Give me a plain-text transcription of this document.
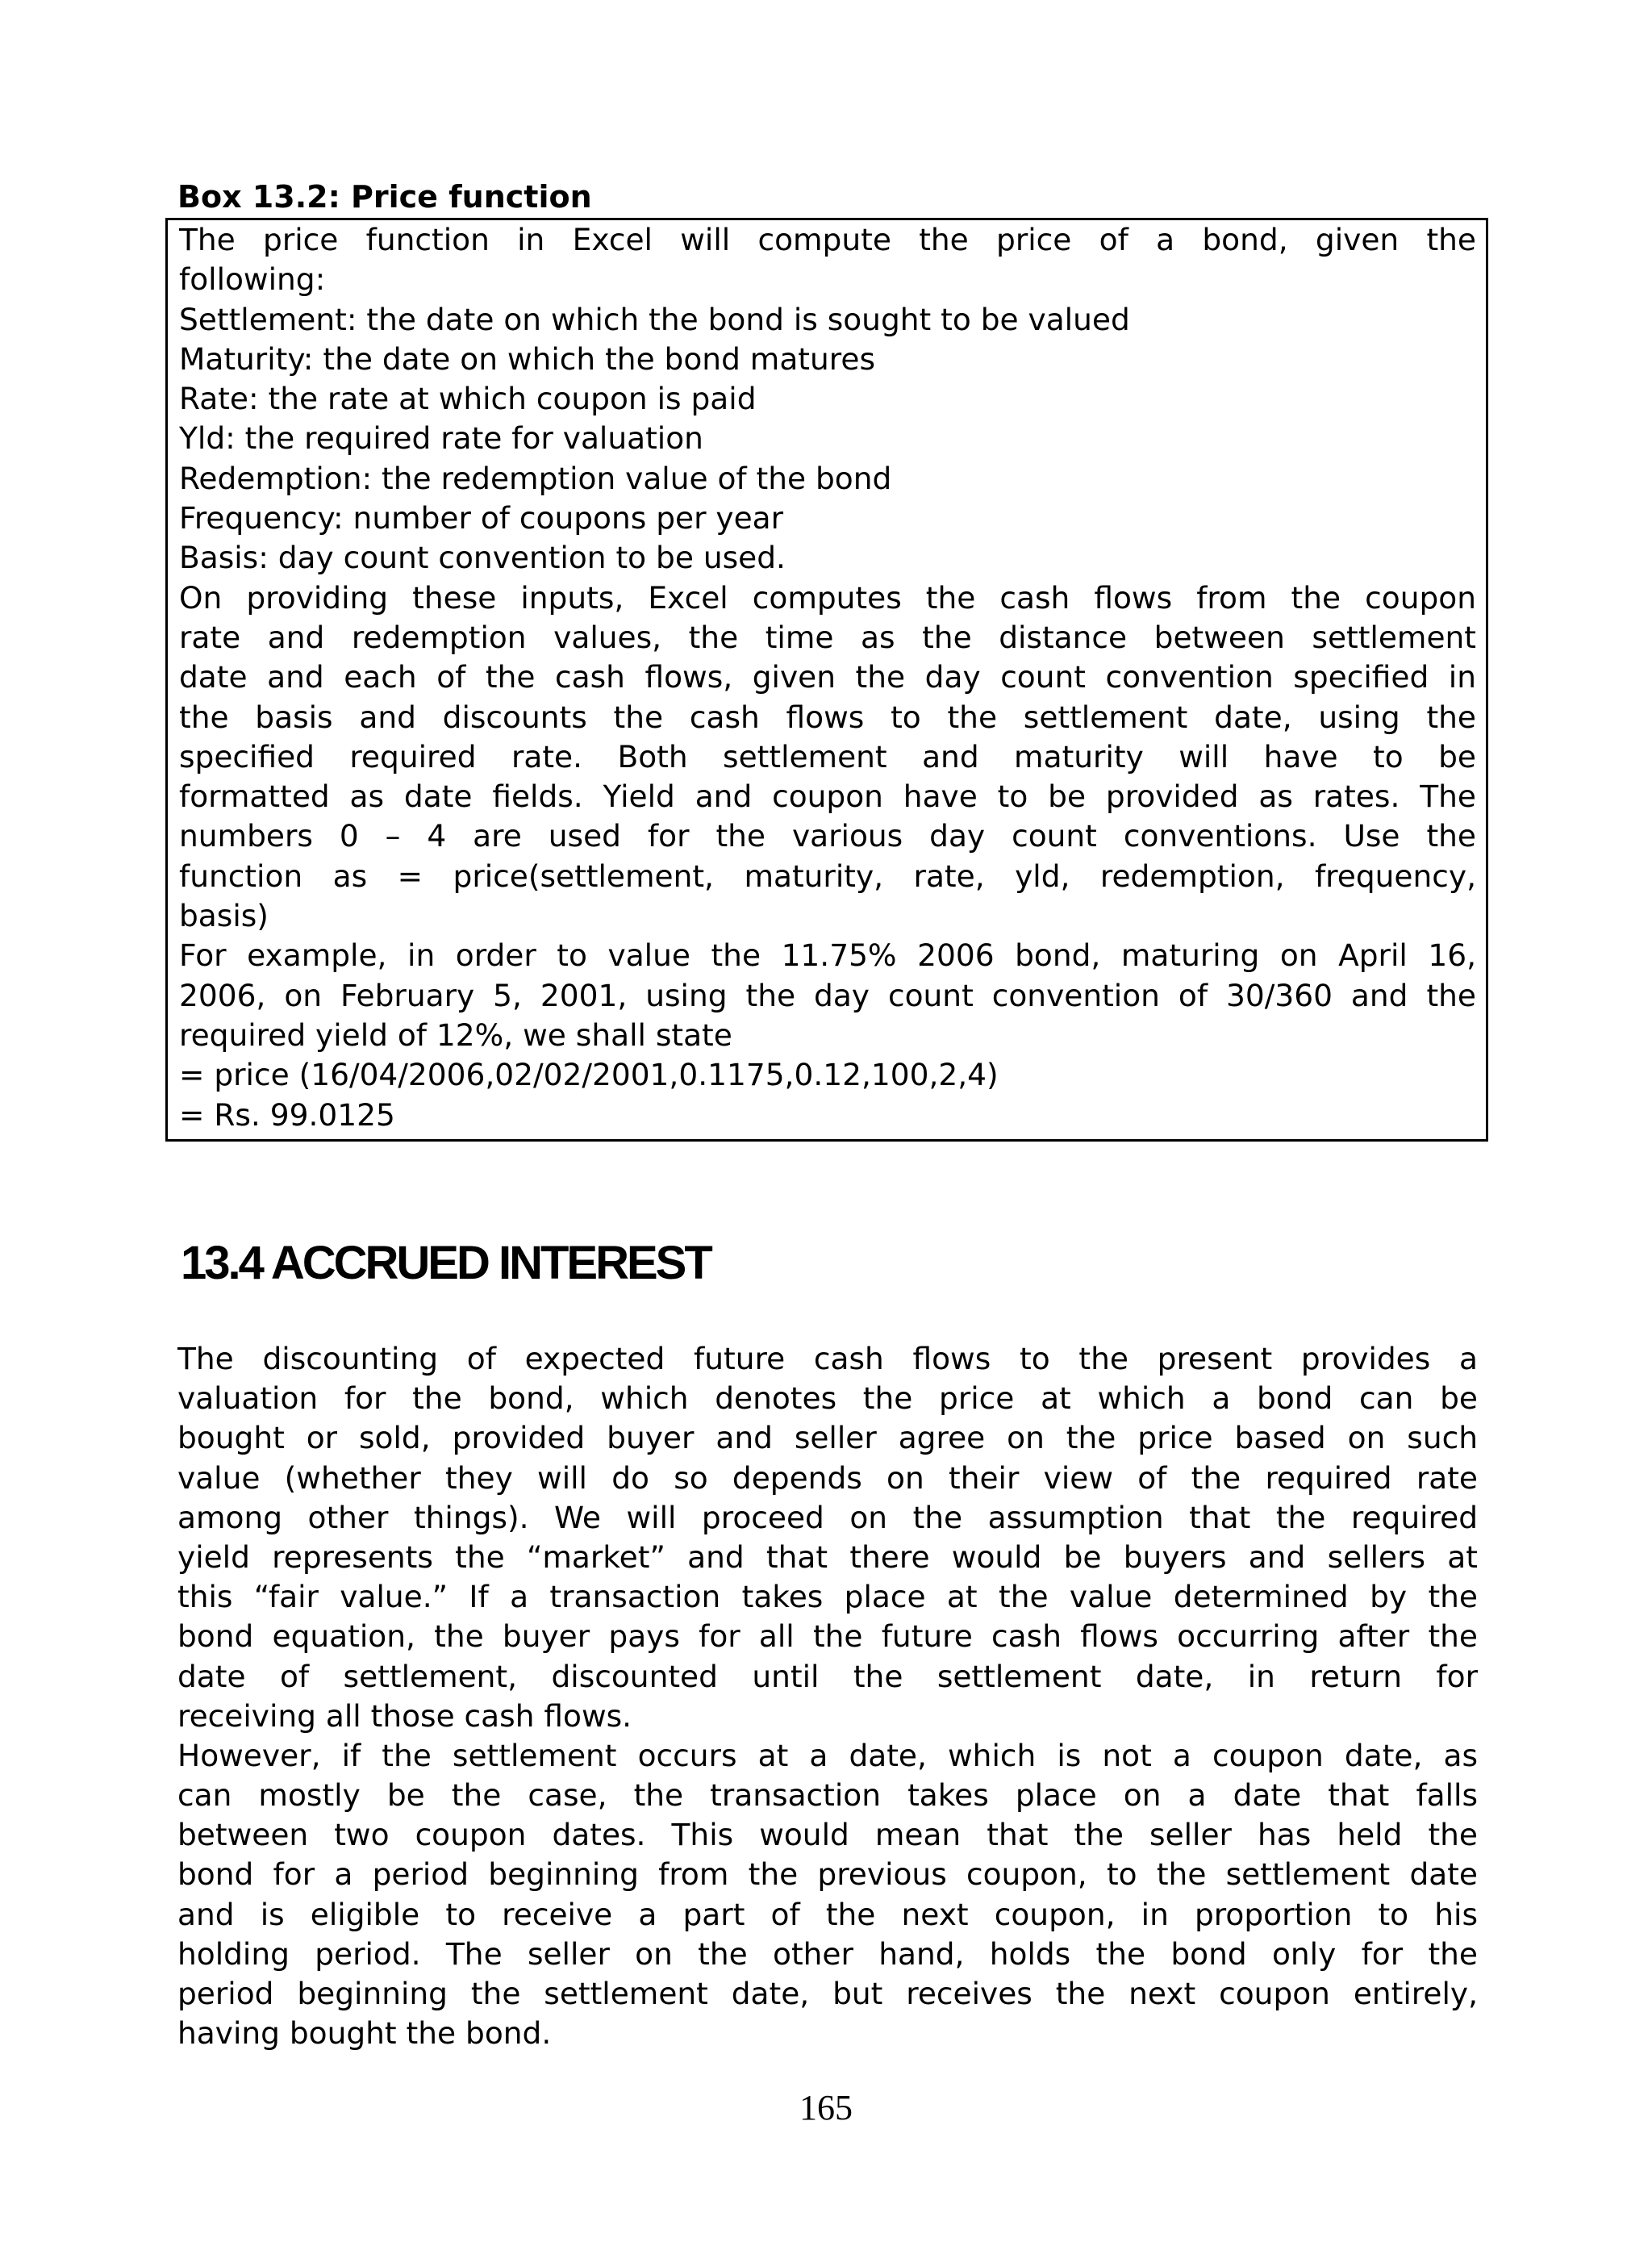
Box 13.2: Price function

The price function in Excel will compute the price of a bond, given the

following:

Settlement: the date on which the bond is sought to be valued

Maturity: the date on which the bond matures

Rate: the rate at which coupon is paid

Yld: the required rate for valuation

Redemption: the redemption value of the bond

Frequency: number of coupons per year

Basis: day count convention to be used.

On providing these inputs, Excel computes the cash flows from the coupon

rate and redemption values, the time as the distance between settlement

date and each of the cash flows, given the day count convention specified in

the basis and discounts the cash flows to the settlement date, using the

specified required rate. Both settlement and maturity will have to be

formatted as date fields. Yield and coupon have to be provided as rates. The

numbers 0 – 4 are used for the various day count conventions. Use the

function as = price(settlement, maturity, rate, yld, redemption, frequency,

basis)

For example, in order to value the 11.75% 2006 bond, maturing on April 16,

2006, on February 5, 2001, using the day count convention of 30/360 and the

required yield of 12%, we shall state

= price (16/04/2006,02/02/2001,0.1175,0.12,100,2,4)

= Rs. 99.0125

13.4 ACCRUED INTEREST

The discounting of expected future cash flows to the present provides a

valuation for the bond, which denotes the price at which a bond can be

bought or sold, provided buyer and seller agree on the price based on such

value (whether they will do so depends on their view of the required rate

among other things). We will proceed on the assumption that the required

yield represents the “market” and that there would be buyers and sellers at

this “fair value.” If a transaction takes place at the value determined by the

bond equation, the buyer pays for all the future cash flows occurring after the

date of settlement, discounted until the settlement date, in return for

receiving all those cash flows.

However, if the settlement occurs at a date, which is not a coupon date, as

can mostly be the case, the transaction takes place on a date that falls

between two coupon dates. This would mean that the seller has held the

bond for a period beginning from the previous coupon, to the settlement date

and is eligible to receive a part of the next coupon, in proportion to his

holding period. The seller on the other hand, holds the bond only for the

period beginning the settlement date, but receives the next coupon entirely,

having bought the bond.

165
